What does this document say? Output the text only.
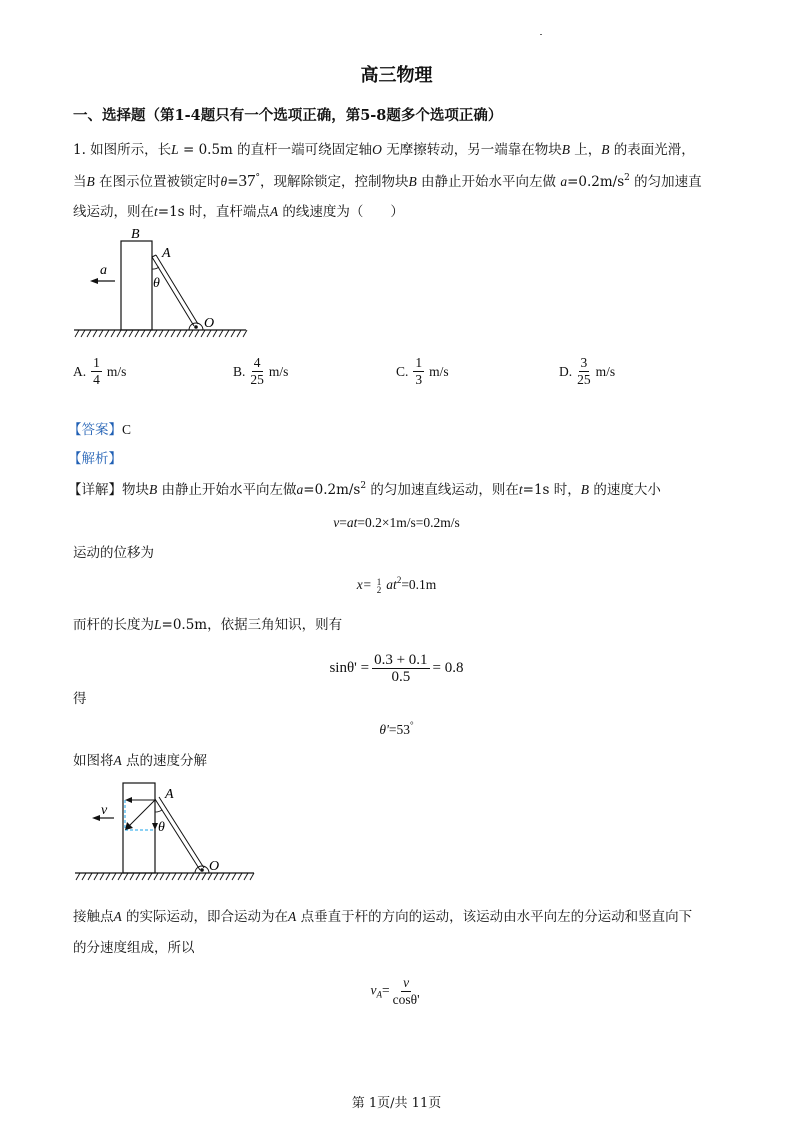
高三物理
一、选择题（第1-4题只有一个选项正确，第5-8题多个选项正确）
1. 如图所示，长L = 0.5m 的直杆一端可绕固定轴O 无摩擦转动，另一端靠在物块B 上，B 的表面光滑，
当B 在图示位置被锁定时θ=37°，现解除锁定，控制物块B 由静止开始水平向左做 $a=0.2m/s^2$ 的匀加速直
线运动，则在t=1s 时，直杆端点A 的线速度为（　　）
B
A
a
θ
O
A. $\frac{1}{4} m/s$	B. $\frac{4}{25} m/s$	C. $\frac{1}{3} m/s$	D. $\frac{3}{25} m/s$
【答案】C
【解析】
【详解】物块B 由静止开始水平向左做$a=0.2m/s^2$ 的匀加速直线运动，则在t=1s 时，B 的速度大小
v=at=0.2×1m/s=0.2m/s
运动的位移为
x= 1
2 $at^2=0.1m$
而杆的长度为L=0.5m，依据三角知识，则有
$\sin\theta' = \frac{0.3 + 0.1}{0.5} = 0.8$
得
θ'=53°
如图将A 点的速度分解
v
A
θ
O
接触点A 的实际运动，即合运动为在A 点垂直于杆的方向的运动，该运动由水平向左的分运动和竖直向下
的分速度组成，所以
$v_A= \frac{v}{\cos\theta'}$
第 1页/共 11页
